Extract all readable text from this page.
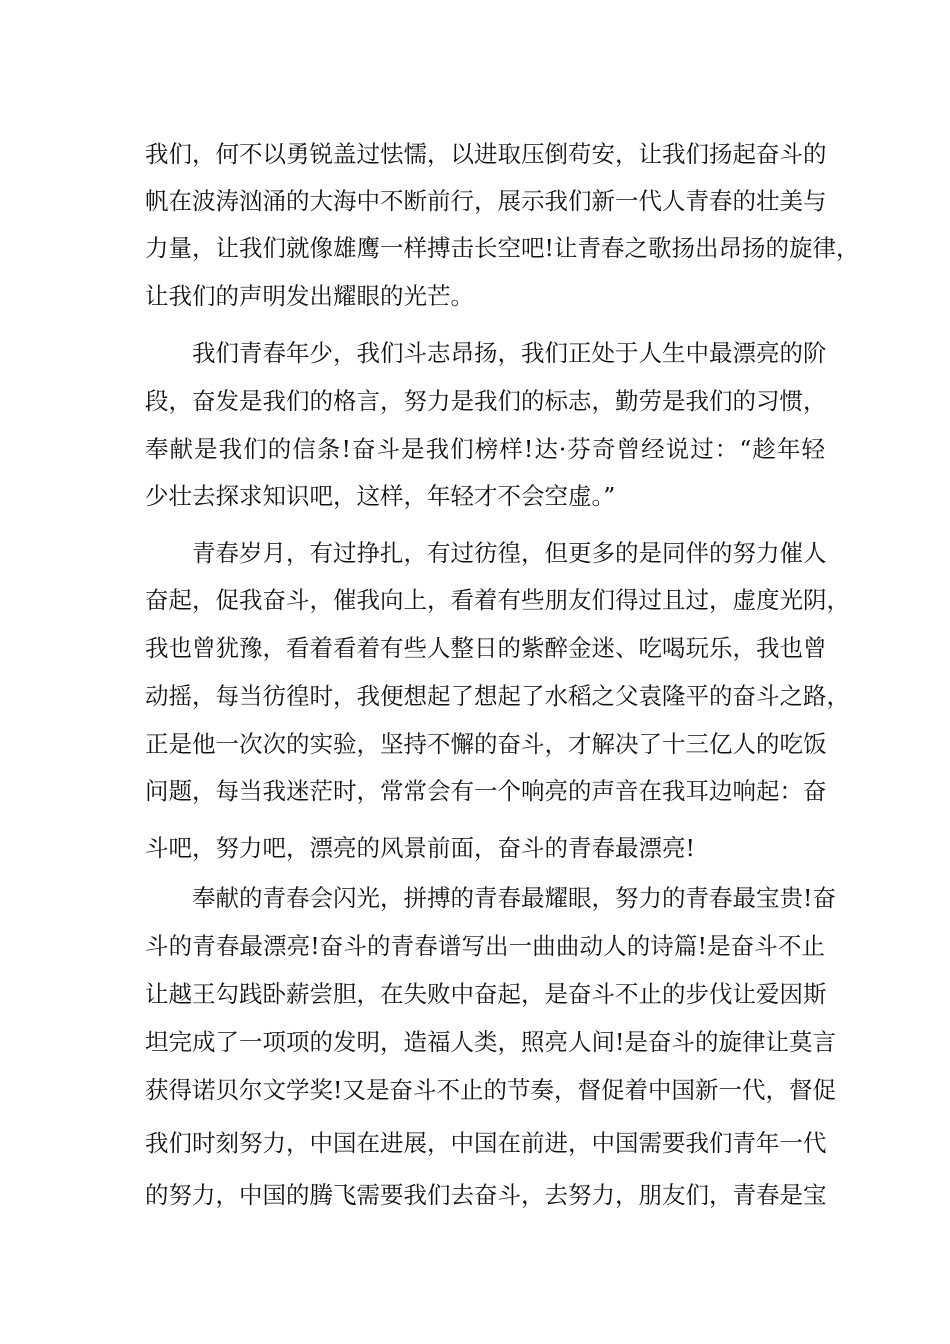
我们，何不以勇锐盖过怯懦，以进取压倒苟安，让我们扬起奋斗的
帆在波涛汹涌的大海中不断前行，展示我们新一代人青春的壮美与
力量，让我们就像雄鹰一样搏击长空吧!让青春之歌扬出昂扬的旋律，
让我们的声明发出耀眼的光芒。
我们青春年少，我们斗志昂扬，我们正处于人生中最漂亮的阶
段，奋发是我们的格言，努力是我们的标志，勤劳是我们的习惯，
奉献是我们的信条!奋斗是我们榜样!达·芬奇曾经说过：“趁年轻
少壮去探求知识吧，这样，年轻才不会空虚。”
青春岁月，有过挣扎，有过彷徨，但更多的是同伴的努力催人
奋起，促我奋斗，催我向上，看着有些朋友们得过且过，虚度光阴，
我也曾犹豫，看着看着有些人整日的紫醉金迷、吃喝玩乐，我也曾
动摇，每当彷徨时，我便想起了想起了水稻之父袁隆平的奋斗之路，
正是他一次次的实验，坚持不懈的奋斗，才解决了十三亿人的吃饭
问题，每当我迷茫时，常常会有一个响亮的声音在我耳边响起：奋
斗吧，努力吧，漂亮的风景前面，奋斗的青春最漂亮!
奉献的青春会闪光，拼搏的青春最耀眼，努力的青春最宝贵!奋
斗的青春最漂亮!奋斗的青春谱写出一曲曲动人的诗篇!是奋斗不止
让越王勾践卧薪尝胆，在失败中奋起，是奋斗不止的步伐让爱因斯
坦完成了一项项的发明，造福人类，照亮人间!是奋斗的旋律让莫言
获得诺贝尔文学奖!又是奋斗不止的节奏，督促着中国新一代，督促
我们时刻努力，中国在进展，中国在前进，中国需要我们青年一代
的努力，中国的腾飞需要我们去奋斗，去努力，朋友们，青春是宝
